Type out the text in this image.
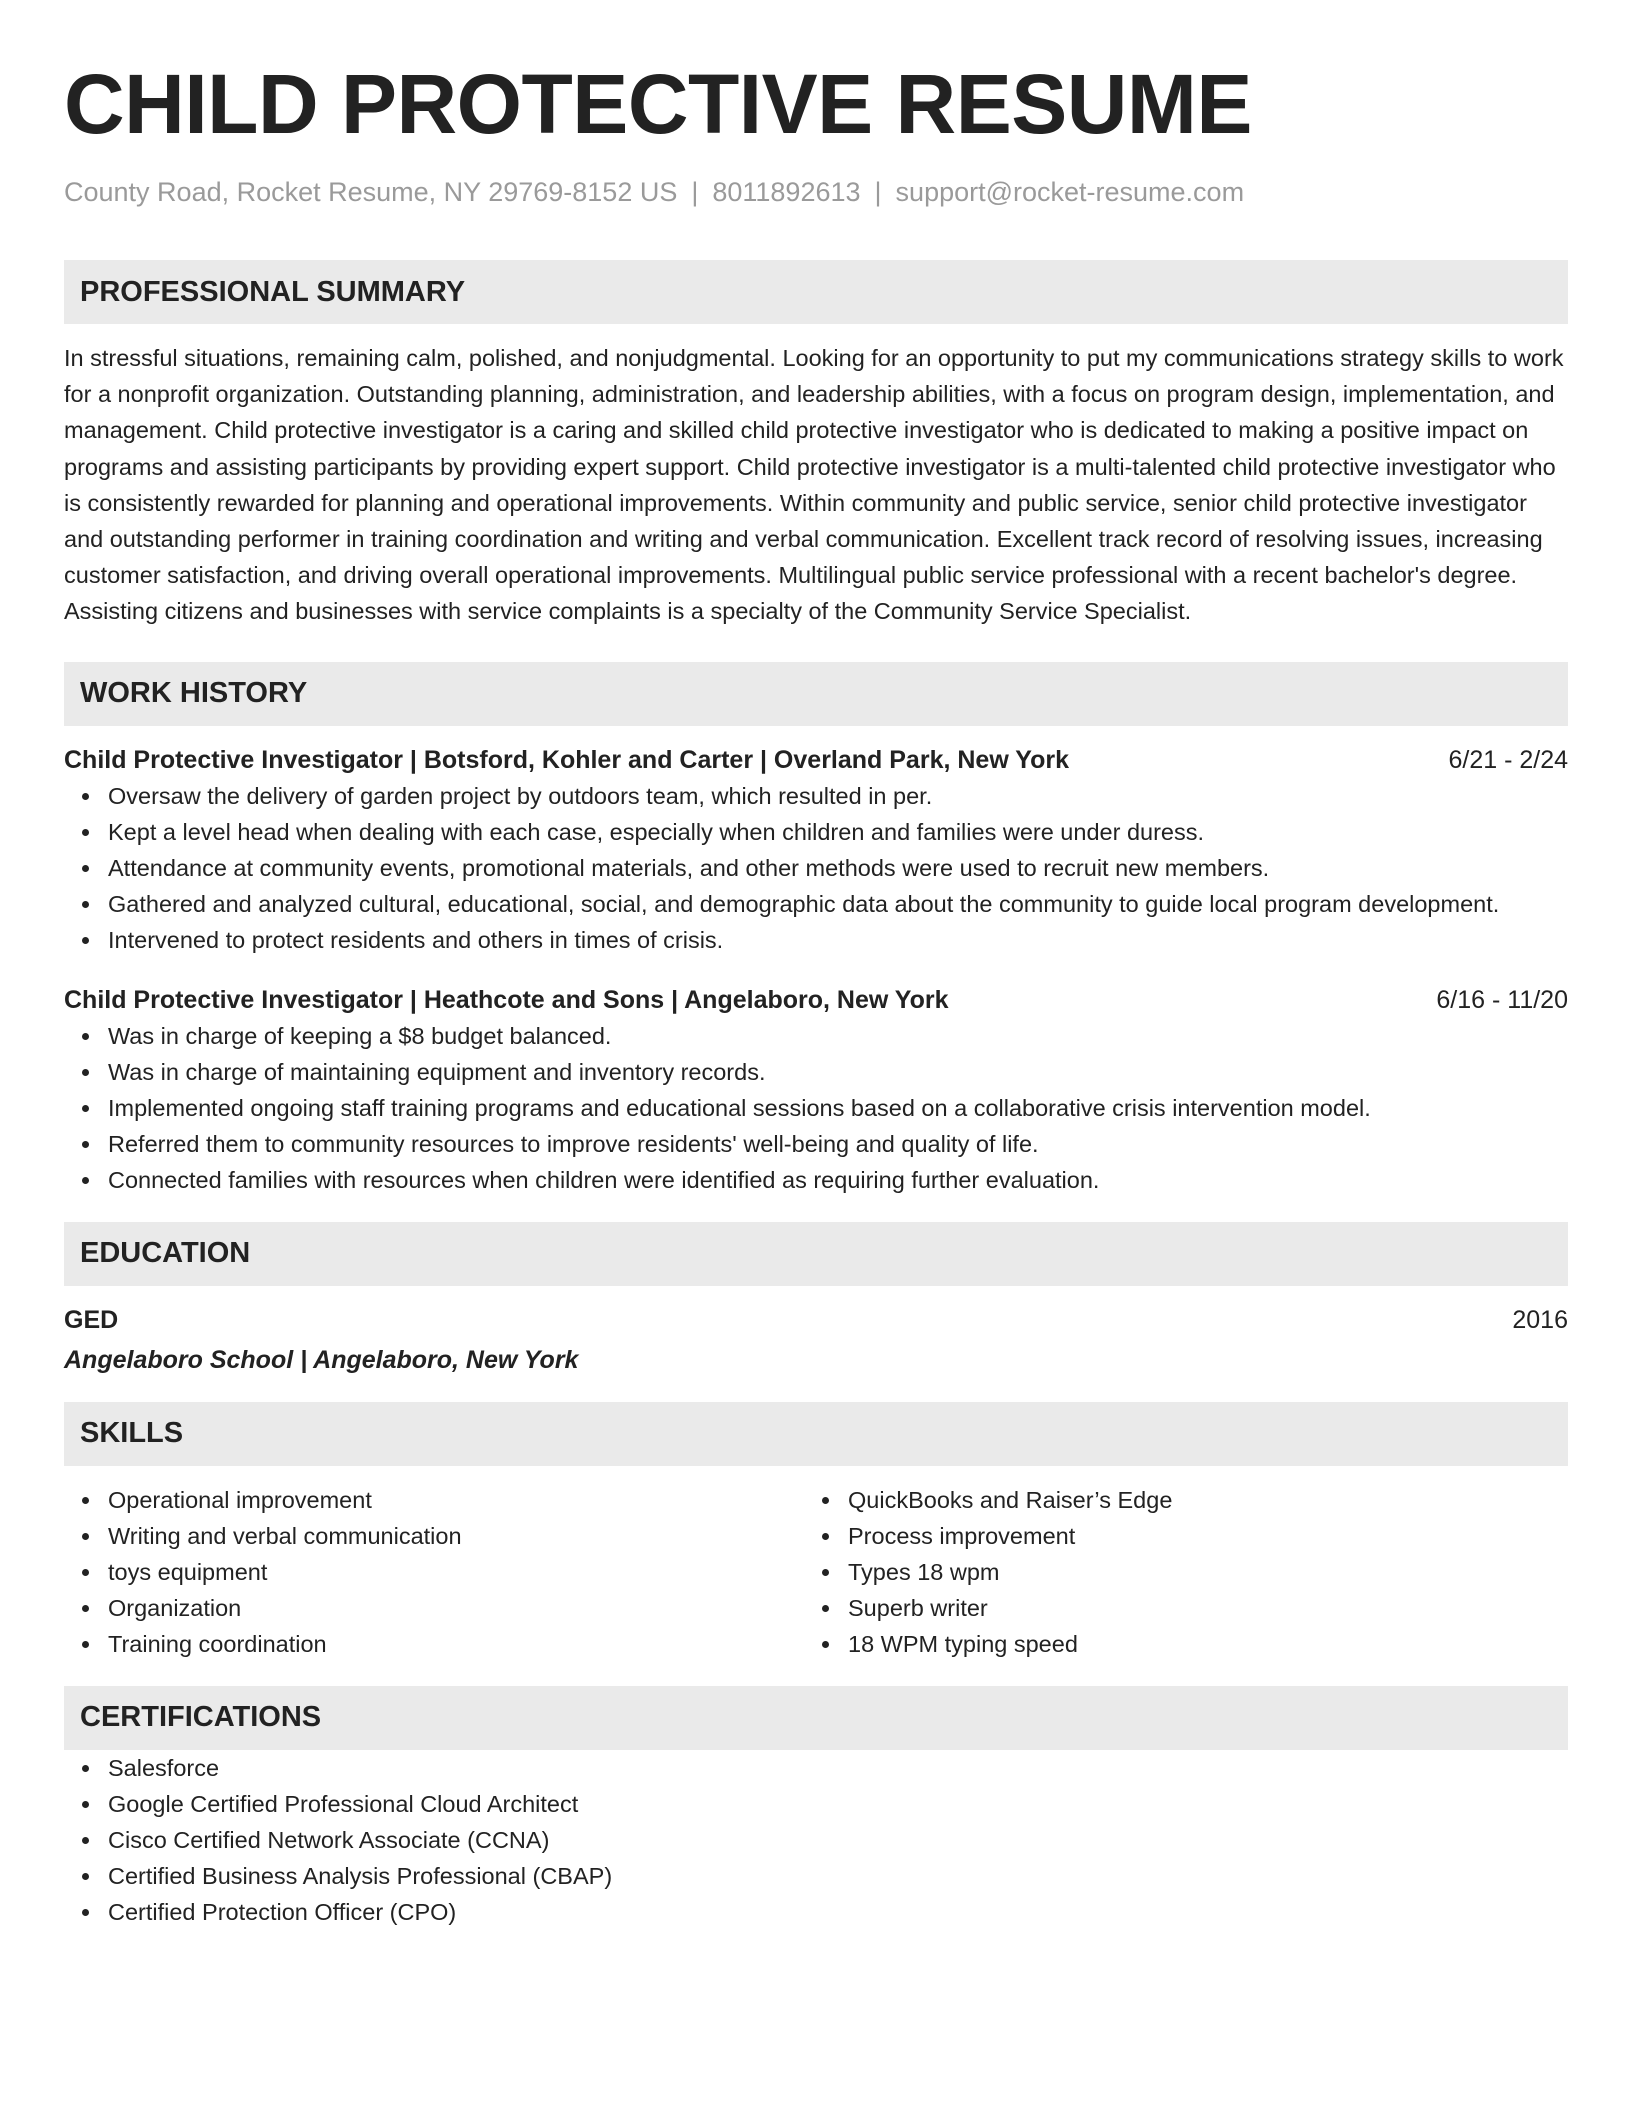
CHILD PROTECTIVE RESUME
County Road, Rocket Resume, NY 29769-8152 US | 8011892613 | support@rocket-resume.com
PROFESSIONAL SUMMARY
In stressful situations, remaining calm, polished, and nonjudgmental. Looking for an opportunity to put my communications strategy skills to work for a nonprofit organization. Outstanding planning, administration, and leadership abilities, with a focus on program design, implementation, and management. Child protective investigator is a caring and skilled child protective investigator who is dedicated to making a positive impact on programs and assisting participants by providing expert support. Child protective investigator is a multi-talented child protective investigator who is consistently rewarded for planning and operational improvements. Within community and public service, senior child protective investigator and outstanding performer in training coordination and writing and verbal communication. Excellent track record of resolving issues, increasing customer satisfaction, and driving overall operational improvements. Multilingual public service professional with a recent bachelor's degree. Assisting citizens and businesses with service complaints is a specialty of the Community Service Specialist.
WORK HISTORY
Child Protective Investigator | Botsford, Kohler and Carter | Overland Park, New York	6/21 - 2/24
Oversaw the delivery of garden project by outdoors team, which resulted in per.
Kept a level head when dealing with each case, especially when children and families were under duress.
Attendance at community events, promotional materials, and other methods were used to recruit new members.
Gathered and analyzed cultural, educational, social, and demographic data about the community to guide local program development.
Intervened to protect residents and others in times of crisis.
Child Protective Investigator | Heathcote and Sons | Angelaboro, New York	6/16 - 11/20
Was in charge of keeping a $8 budget balanced.
Was in charge of maintaining equipment and inventory records.
Implemented ongoing staff training programs and educational sessions based on a collaborative crisis intervention model.
Referred them to community resources to improve residents' well-being and quality of life.
Connected families with resources when children were identified as requiring further evaluation.
EDUCATION
GED	2016
Angelaboro School | Angelaboro, New York
SKILLS
Operational improvement
Writing and verbal communication
toys equipment
Organization
Training coordination
QuickBooks and Raiser’s Edge
Process improvement
Types 18 wpm
Superb writer
18 WPM typing speed
CERTIFICATIONS
Salesforce
Google Certified Professional Cloud Architect
Cisco Certified Network Associate (CCNA)
Certified Business Analysis Professional (CBAP)
Certified Protection Officer (CPO)
